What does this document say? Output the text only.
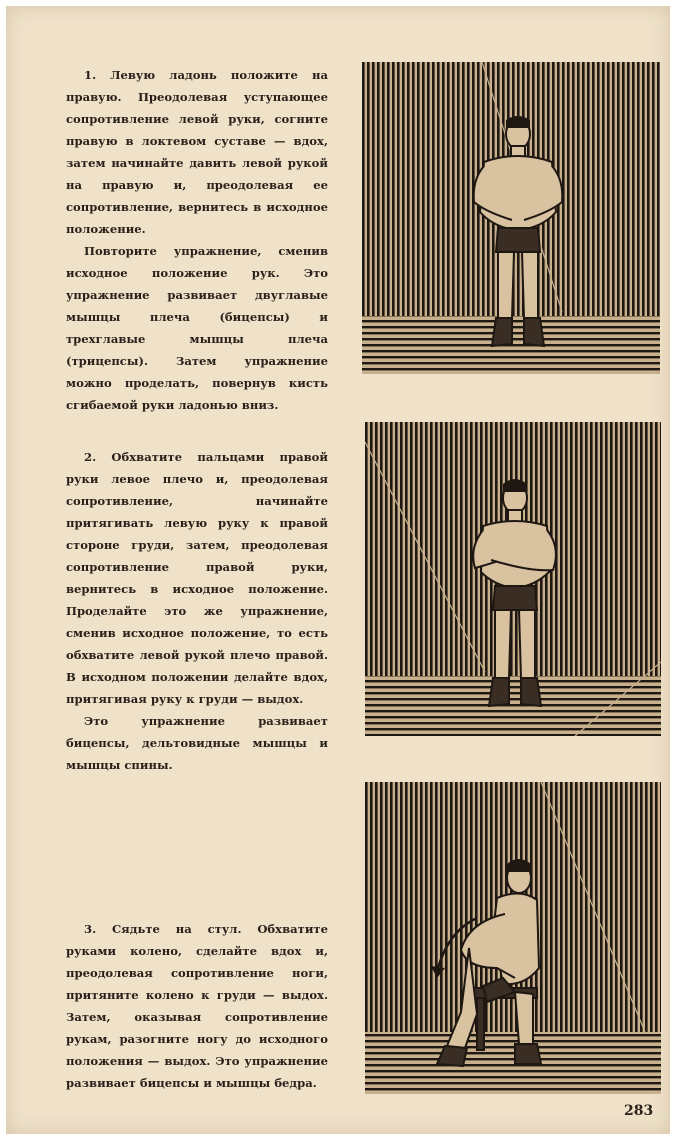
1. Левую ладонь положите на правую. Преодолевая уступающее сопротивление левой руки, согните правую в локтевом суставе — вдох, затем начинайте давить левой рукой на правую и, преодолевая ее сопротивление, вернитесь в исходное положение.

Повторите упражнение, сменив исходное положение рук. Это упражнение развивает двуглавые мышцы плеча (бицепсы) и трехглавые мышцы плеча (трицепсы). Затем упражнение можно проделать, повернув кисть сгибаемой руки ладонью вниз.

2. Обхватите пальцами правой руки левое плечо и, преодолевая сопротивление, начинайте притягивать левую руку к правой стороне груди, затем, преодолевая сопротивление правой руки, вернитесь в исходное положение. Проделайте это же упражнение, сменив исходное положение, то есть обхватите левой рукой плечо правой. В исходном положении делайте вдох, притягивая руку к груди — выдох.

Это упражнение развивает бицепсы, дельтовидные мышцы и мышцы спины.

3. Сядьте на стул. Обхватите руками колено, сделайте вдох и, преодолевая сопротивление ноги, притяните колено к груди — выдох. Затем, оказывая сопротивление рукам, разогните ногу до исходного положения — выдох. Это упражнение развивает бицепсы и мышцы бедра.

283
